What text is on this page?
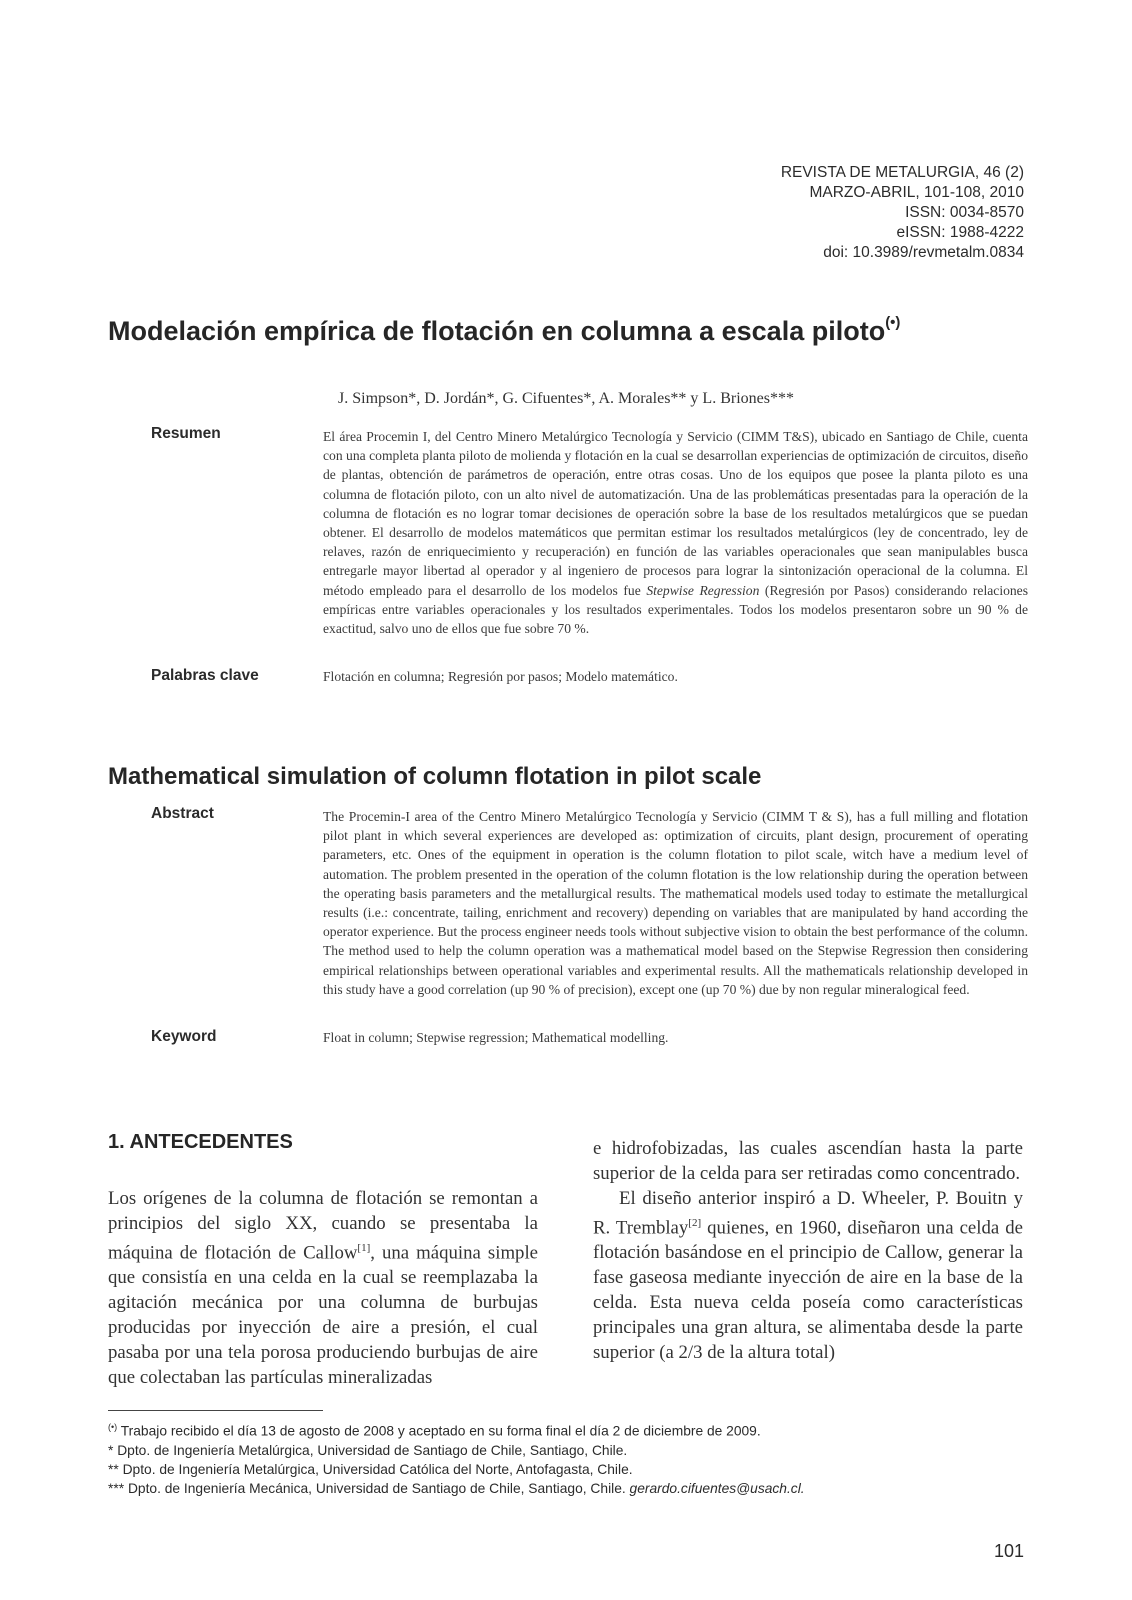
REVISTA DE METALURGIA, 46 (2)
MARZO-ABRIL, 101-108, 2010
ISSN: 0034-8570
eISSN: 1988-4222
doi: 10.3989/revmetalm.0834
Modelación empírica de flotación en columna a escala piloto(•)
J. Simpson*, D. Jordán*, G. Cifuentes*, A. Morales** y L. Briones***
Resumen	El área Procemin I, del Centro Minero Metalúrgico Tecnología y Servicio (CIMM T&S), ubicado en Santiago de Chile, cuenta con una completa planta piloto de molienda y flotación en la cual se desarrollan experiencias de optimización de circuitos, diseño de plantas, obtención de parámetros de operación, entre otras cosas. Uno de los equipos que posee la planta piloto es una columna de flotación piloto, con un alto nivel de automatización. Una de las problemáticas presentadas para la operación de la columna de flotación es no lograr tomar decisiones de operación sobre la base de los resultados metalúrgicos que se puedan obtener. El desarrollo de modelos matemáticos que permitan estimar los resultados metalúrgicos (ley de concentrado, ley de relaves, razón de enriquecimiento y recuperación) en función de las variables operacionales que sean manipulables busca entregarle mayor libertad al operador y al ingeniero de procesos para lograr la sintonización operacional de la columna. El método empleado para el desarrollo de los modelos fue Stepwise Regression (Regresión por Pasos) considerando relaciones empíricas entre variables operacionales y los resultados experimentales. Todos los modelos presentaron sobre un 90 % de exactitud, salvo uno de ellos que fue sobre 70 %.
Palabras clave	Flotación en columna; Regresión por pasos; Modelo matemático.
Mathematical simulation of column flotation in pilot scale
Abstract	The Procemin-I area of the Centro Minero Metalúrgico Tecnología y Servicio (CIMM T & S), has a full milling and flotation pilot plant in which several experiences are developed as: optimization of circuits, plant design, procurement of operating parameters, etc. Ones of the equipment in operation is the column flotation to pilot scale, witch have a medium level of automation. The problem presented in the operation of the column flotation is the low relationship during the operation between the operating basis parameters and the metallurgical results. The mathematical models used today to estimate the metallurgical results (i.e.: concentrate, tailing, enrichment and recovery) depending on variables that are manipulated by hand according the operator experience. But the process engineer needs tools without subjective vision to obtain the best performance of the column. The method used to help the column operation was a mathematical model based on the Stepwise Regression then considering empirical relationships between operational variables and experimental results. All the mathematicals relationship developed in this study have a good correlation (up 90 % of precision), except one (up 70 %) due by non regular mineralogical feed.
Keyword	Float in column; Stepwise regression; Mathematical modelling.
1. ANTECEDENTES

Los orígenes de la columna de flotación se remontan a principios del siglo XX, cuando se presentaba la máquina de flotación de Callow[1], una máquina simple que consistía en una celda en la cual se reemplazaba la agitación mecánica por una columna de burbujas producidas por inyección de aire a presión, el cual pasaba por una tela porosa produciendo burbujas de aire que colectaban las partículas mineralizadas

e hidrofobizadas, las cuales ascendían hasta la parte superior de la celda para ser retiradas como concentrado.

El diseño anterior inspiró a D. Wheeler, P. Bouitn y R. Tremblay[2] quienes, en 1960, diseñaron una celda de flotación basándose en el principio de Callow, generar la fase gaseosa mediante inyección de aire en la base de la celda. Esta nueva celda poseía como características principales una gran altura, se alimentaba desde la parte superior (a 2/3 de la altura total)

(•) Trabajo recibido el día 13 de agosto de 2008 y aceptado en su forma final el día 2 de diciembre de 2009.
* Dpto. de Ingeniería Metalúrgica, Universidad de Santiago de Chile, Santiago, Chile.
** Dpto. de Ingeniería Metalúrgica, Universidad Católica del Norte, Antofagasta, Chile.
*** Dpto. de Ingeniería Mecánica, Universidad de Santiago de Chile, Santiago, Chile. gerardo.cifuentes@usach.cl.
101
